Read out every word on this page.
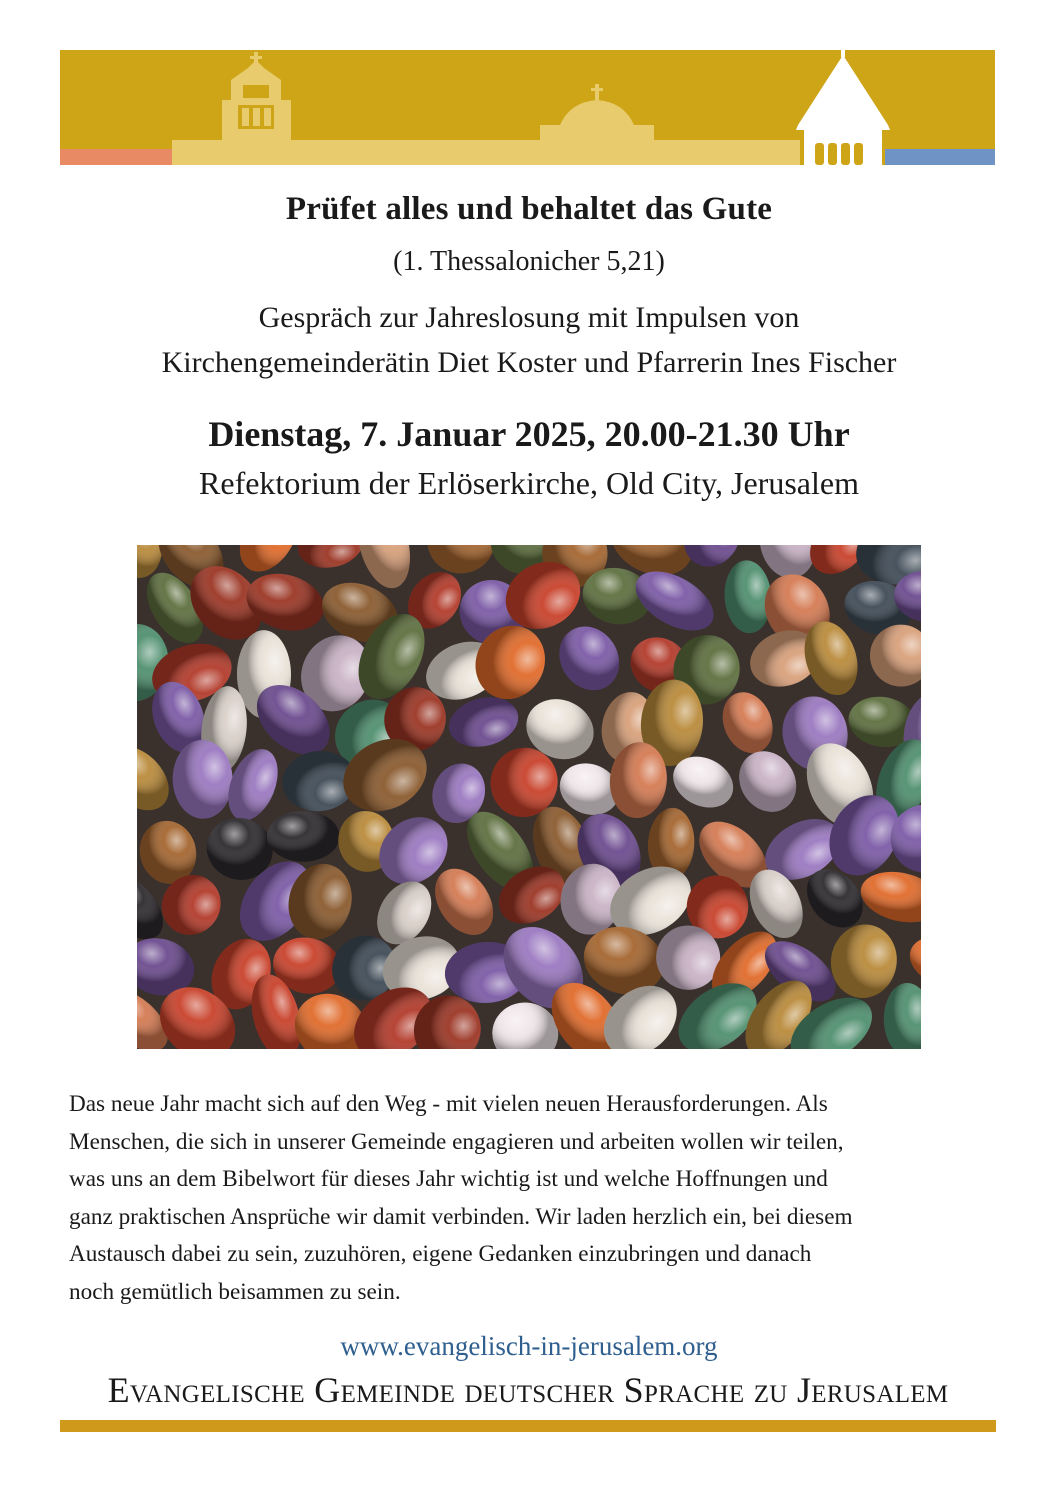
Prüfet alles und behaltet das Gute
(1. Thessalonicher 5,21)
Gespräch zur Jahreslosung mit Impulsen von
Kirchengemeinderätin Diet Koster und Pfarrerin Ines Fischer
Dienstag, 7. Januar 2025, 20.00-21.30 Uhr
Refektorium der Erlöserkirche, Old City, Jerusalem
Das neue Jahr macht sich auf den Weg - mit vielen neuen Herausforderungen. Als
Menschen, die sich in unserer Gemeinde engagieren und arbeiten wollen wir teilen,
was uns an dem Bibelwort für dieses Jahr wichtig ist und welche Hoffnungen und
ganz praktischen Ansprüche wir damit verbinden. Wir laden herzlich ein, bei diesem
Austausch dabei zu sein, zuzuhören, eigene Gedanken einzubringen und danach
noch gemütlich beisammen zu sein.
www.evangelisch-in-jerusalem.org
Evangelische Gemeinde deutscher Sprache zu Jerusalem
